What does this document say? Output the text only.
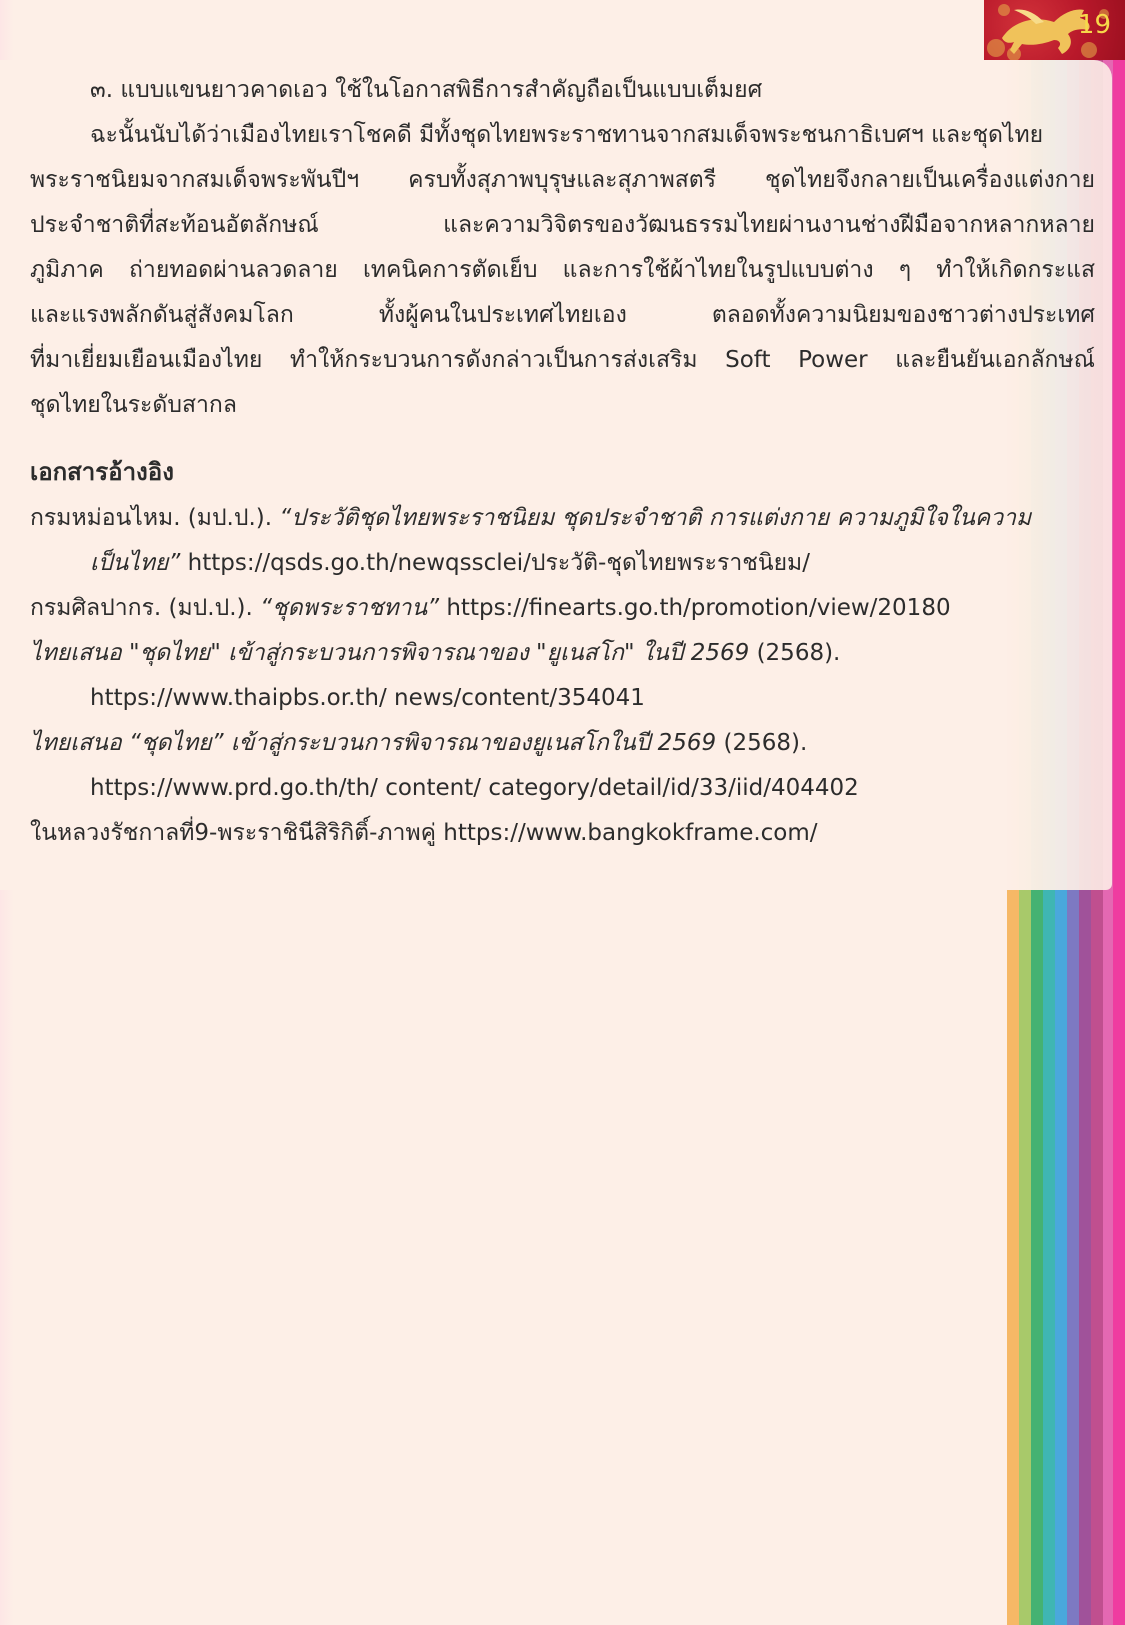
19
๓. แบบแขนยาวคาดเอว ใช้ในโอกาสพิธีการสำคัญถือเป็นแบบเต็มยศ
ฉะนั้นนับได้ว่าเมืองไทยเราโชคดี มีทั้งชุดไทยพระราชทานจากสมเด็จพระชนกาธิเบศฯ และชุดไทย
พระราชนิยมจากสมเด็จพระพันปีฯ ครบทั้งสุภาพบุรุษและสุภาพสตรี ชุดไทยจึงกลายเป็นเครื่องแต่งกาย
ประจำชาติที่สะท้อนอัตลักษณ์ และความวิจิตรของวัฒนธรรมไทยผ่านงานช่างฝีมือจากหลากหลาย
ภูมิภาค ถ่ายทอดผ่านลวดลาย เทคนิคการตัดเย็บ และการใช้ผ้าไทยในรูปแบบต่าง ๆ ทำให้เกิดกระแส
และแรงพลักดันสู่สังคมโลก ทั้งผู้คนในประเทศไทยเอง ตลอดทั้งความนิยมของชาวต่างประเทศ
ที่มาเยี่ยมเยือนเมืองไทย ทำให้กระบวนการดังกล่าวเป็นการส่งเสริม Soft Power และยืนยันเอกลักษณ์
ชุดไทยในระดับสากล
เอกสารอ้างอิง
กรมหม่อนไหม. (มป.ป.). “ประวัติชุดไทยพระราชนิยม ชุดประจำชาติ การแต่งกาย ความภูมิใจในความ
เป็นไทย” https://qsds.go.th/newqssclei/ประวัติ-ชุดไทยพระราชนิยม/
กรมศิลปากร. (มป.ป.). “ชุดพระราชทาน” https://finearts.go.th/promotion/view/20180
ไทยเสนอ "ชุดไทย" เข้าสู่กระบวนการพิจารณาของ "ยูเนสโก" ในปี 2569 (2568).
https://www.thaipbs.or.th/ news/content/354041
ไทยเสนอ “ชุดไทย” เข้าสู่กระบวนการพิจารณาของยูเนสโกในปี 2569 (2568).
https://www.prd.go.th/th/ content/ category/detail/id/33/iid/404402
ในหลวงรัชกาลที่9-พระราชินีสิริกิติ์-ภาพคู่ https://www.bangkokframe.com/
